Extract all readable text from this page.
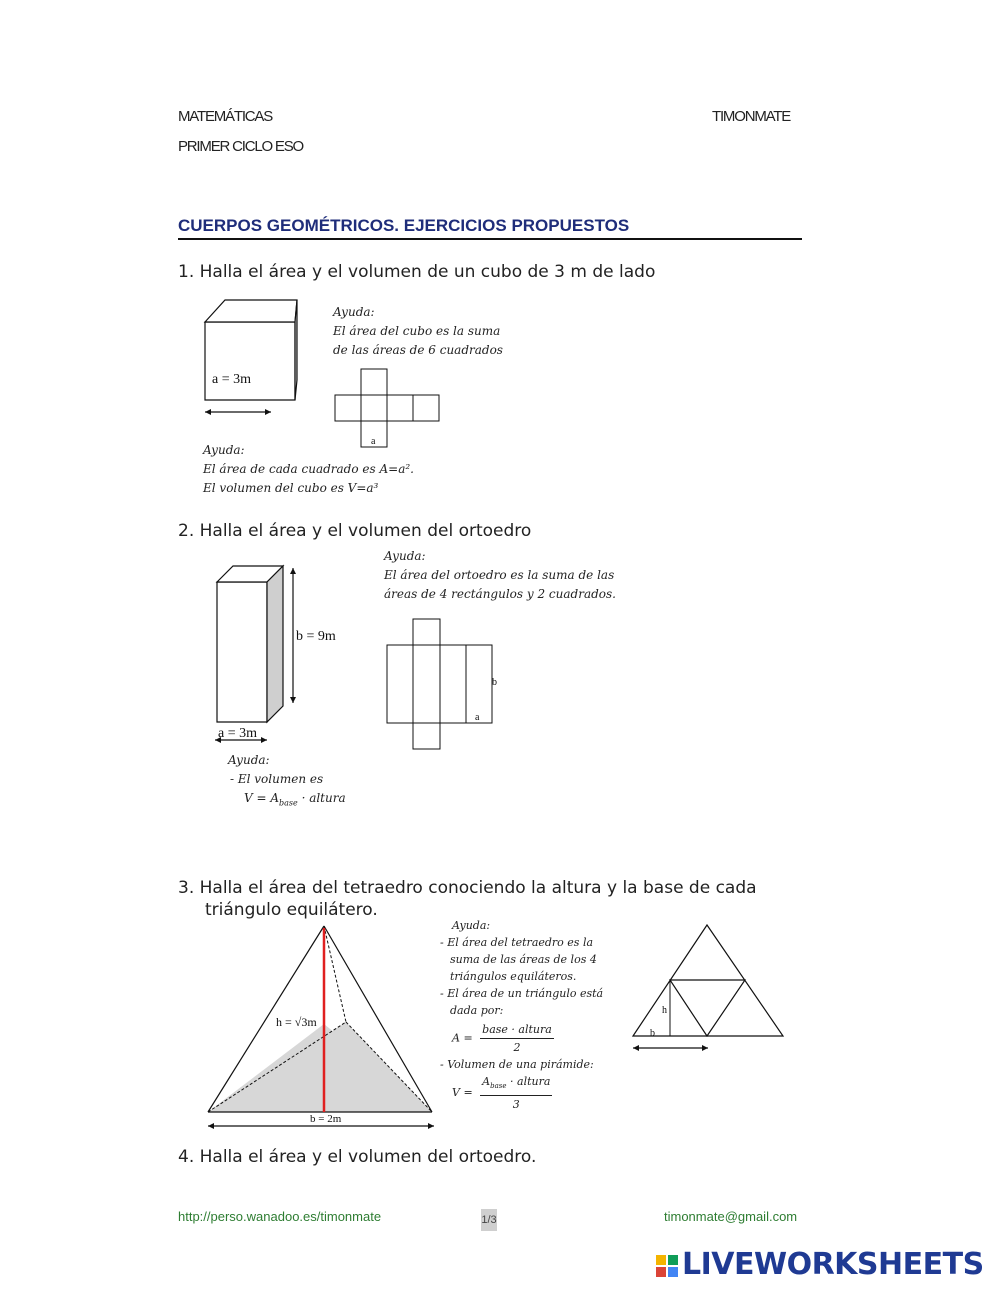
MATEMÁTICAS
PRIMER CICLO ESO
TIMONMATE
CUERPOS GEOMÉTRICOS. EJERCICIOS PROPUESTOS
1. Halla el área y el volumen de un cubo de 3 m de lado
a = 3m
Ayuda:
El área del cubo es la suma
de las áreas de 6 cuadrados
a
Ayuda:
El área de cada cuadrado es A=a².
El volumen del cubo es V=a³
2. Halla el área y el volumen del ortoedro
b = 9m
a = 3m
Ayuda:
El área del ortoedro es la suma de las
áreas de 4 rectángulos y 2 cuadrados.
b
a
Ayuda:
- El volumen es
$V = A_{base}$ · altura
3. Halla el área del tetraedro conociendo la altura y la base de cada
triángulo equilátero.
h = √3m
b = 2m
Ayuda:
- El área del tetraedro es la
suma de las áreas de los 4
triángulos equiláteros.
- El área de un triángulo está
dada por:
$A = \frac{\text{base · altura}}{2}$
- Volumen de una pirámide:
$V = \frac{A_{base} \cdot altura}{3}$
h
b
4. Halla el área y el volumen del ortoedro.
http://perso.wanadoo.es/timonmate	1/3	timonmate@gmail.com
LIVEWORKSHEETS
